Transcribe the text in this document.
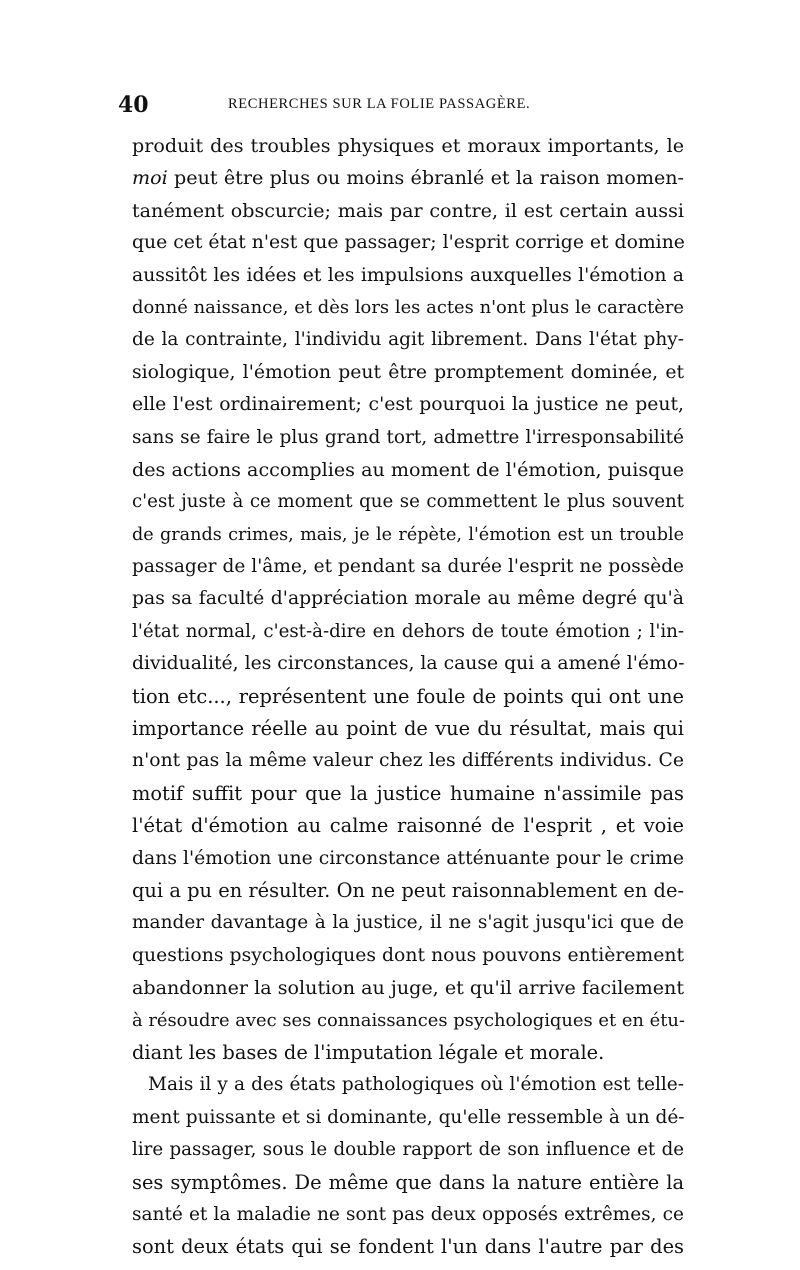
40	RECHERCHES SUR LA FOLIE PASSAGÈRE.
produit des troubles physiques et moraux importants, le
moi peut être plus ou moins ébranlé et la raison momen-
tanément obscurcie; mais par contre, il est certain aussi
que cet état n'est que passager; l'esprit corrige et domine
aussitôt les idées et les impulsions auxquelles l'émotion a
donné naissance, et dès lors les actes n'ont plus le caractère
de la contrainte, l'individu agit librement. Dans l'état phy-
siologique, l'émotion peut être promptement dominée, et
elle l'est ordinairement; c'est pourquoi la justice ne peut,
sans se faire le plus grand tort, admettre l'irresponsabilité
des actions accomplies au moment de l'émotion, puisque
c'est juste à ce moment que se commettent le plus souvent
de grands crimes, mais, je le répète, l'émotion est un trouble
passager de l'âme, et pendant sa durée l'esprit ne possède
pas sa faculté d'appréciation morale au même degré qu'à
l'état normal, c'est-à-dire en dehors de toute émotion ; l'in-
dividualité, les circonstances, la cause qui a amené l'émo-
tion etc..., représentent une foule de points qui ont une
importance réelle au point de vue du résultat, mais qui
n'ont pas la même valeur chez les différents individus. Ce
motif suffit pour que la justice humaine n'assimile pas
l'état d'émotion au calme raisonné de l'esprit , et voie
dans l'émotion une circonstance atténuante pour le crime
qui a pu en résulter. On ne peut raisonnablement en de-
mander davantage à la justice, il ne s'agit jusqu'ici que de
questions psychologiques dont nous pouvons entièrement
abandonner la solution au juge, et qu'il arrive facilement
à résoudre avec ses connaissances psychologiques et en étu-
diant les bases de l'imputation légale et morale.
Mais il y a des états pathologiques où l'émotion est telle-
ment puissante et si dominante, qu'elle ressemble à un dé-
lire passager, sous le double rapport de son influence et de
ses symptômes. De même que dans la nature entière la
santé et la maladie ne sont pas deux opposés extrêmes, ce
sont deux états qui se fondent l'un dans l'autre par des
